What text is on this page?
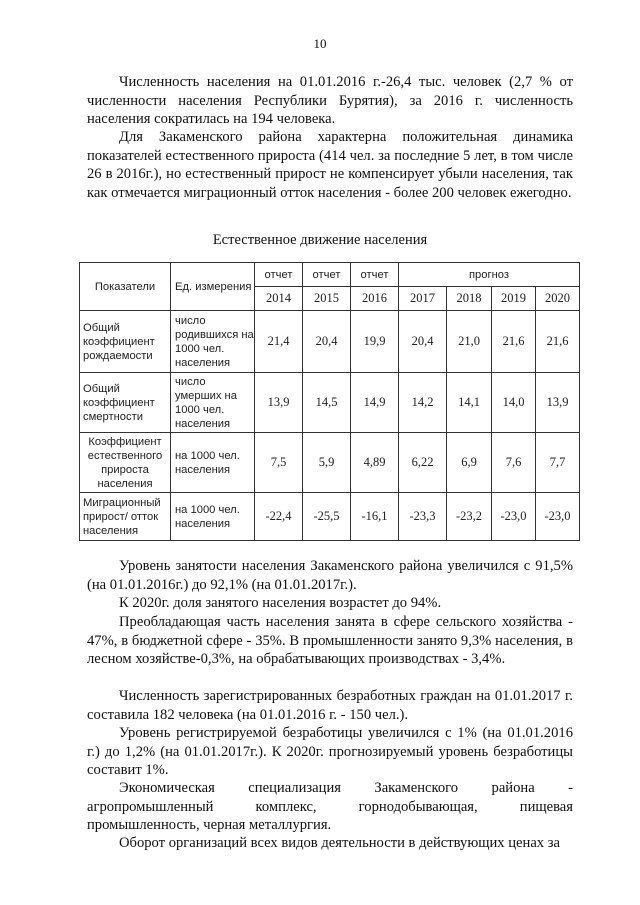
10

Численность населения на 01.01.2016 г.-26,4 тыс. человек (2,7 % от численности населения Республики Бурятия), за 2016 г. численность населения сократилась на 194 человека.

Для Закаменского района характерна положительная динамика показателей естественного прироста (414 чел. за последние 5 лет, в том числе 26 в 2016г.), но естественный прирост не компенсирует убыли населения, так как отмечается миграционный отток населения - более 200 человек ежегодно.

Естественное движение населения
Показатели	Ед. измерения	отчет	отчет	отчет	прогноз			
		2014	2015	2016	2017	2018	2019	2020
Общий коэффициент рождаемости	число родившихся на 1000 чел. населения	21,4	20,4	19,9	20,4	21,0	21,6	21,6
Общий коэффициент смертности	число умерших на 1000 чел. населения	13,9	14,5	14,9	14,2	14,1	14,0	13,9
Коэффициент естественного прироста населения	на 1000 чел. населения	7,5	5,9	4,89	6,22	6,9	7,6	7,7
Миграционный прирост/ отток населения	на 1000 чел. населения	-22,4	-25,5	-16,1	-23,3	-23,2	-23,0	-23,0

Уровень занятости населения Закаменского района увеличился с 91,5% (на 01.01.2016г.) до 92,1% (на 01.01.2017г.).

К 2020г. доля занятого населения возрастет до 94%.

Преобладающая часть населения занята в сфере сельского хозяйства - 47%, в бюджетной сфере - 35%. В промышленности занято 9,3% населения, в лесном хозяйстве-0,3%, на обрабатывающих производствах - 3,4%.

Численность зарегистрированных безработных граждан на 01.01.2017 г. составила 182 человека (на 01.01.2016 г. - 150 чел.).

Уровень регистрируемой безработицы увеличился с 1% (на 01.01.2016 г.) до 1,2% (на 01.01.2017г.). К 2020г. прогнозируемый уровень безработицы составит 1%.

Экономическая специализация Закаменского района - агропромышленный комплекс, горнодобывающая, пищевая промышленность, черная металлургия.

Оборот организаций всех видов деятельности в действующих ценах за
